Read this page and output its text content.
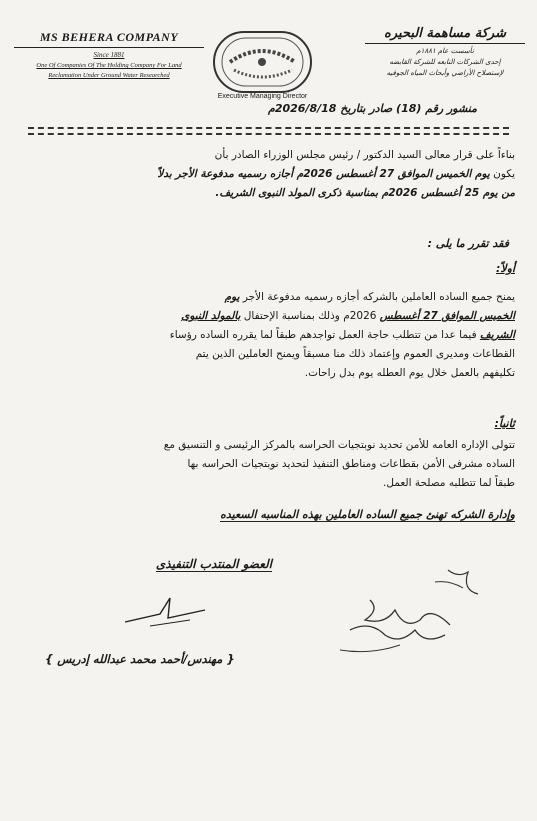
MS BEHERA COMPANY
Since 1881
One Of Companies Of The Holding Company For Land
Reclamation Under Ground Water Researched
Executive Managing Director
شركة مساهمة البحيره
تأسست عام ١٨٨١م
إحدى الشركات التابعه للشركة القابضه
لإستصلاح الأراضي وأبحاث المياه الجوفيه
منشور رقم (18) صادر بتاريخ 2026/8/18م
بناءاً على قرار معالى السيد الدكتور / رئيس مجلس الوزراء الصادر بأن
يكون يوم الخميس الموافق 27 أغسطس 2026م أجازه رسميه مدفوعة الأجر بدلاً
من يوم 25 أغسطس 2026م بمناسبة ذكرى المولد النبوى الشريف.
فقد تقرر ما يلى :
أولاً:
يمنح جميع الساده العاملين بالشركه أجازه رسميه مدفوعة الأجر يوم
الخميس الموافق 27 أغسطس 2026م وذلك بمناسبة الإحتفال بالمولد النبوى
الشريف فيما عدا من تتطلب حاجة العمل تواجدهم طبقاً لما يقرره الساده رؤساء
القطاعات ومديرى العموم وإعتماد ذلك منا مسبقاً ويمنح العاملين الذين يتم
تكليفهم بالعمل خلال يوم العطله يوم بدل راحات.
ثانياً:
تتولى الإداره العامه للأمن تحديد نوبتجيات الحراسه بالمركز الرئيسى و التنسيق مع
الساده مشرفى الأمن بقطاعات ومناطق التنفيذ لتحديد نوبتجيات الحراسه بها
طبقاً لما تتطلبه مصلحة العمل.
وإدارة الشركه تهنئ جميع الساده العاملين بهذه المناسبه السعيده
العضو المنتدب التنفيذى
{ مهندس/أحمد محمد عبدالله إدريس }
